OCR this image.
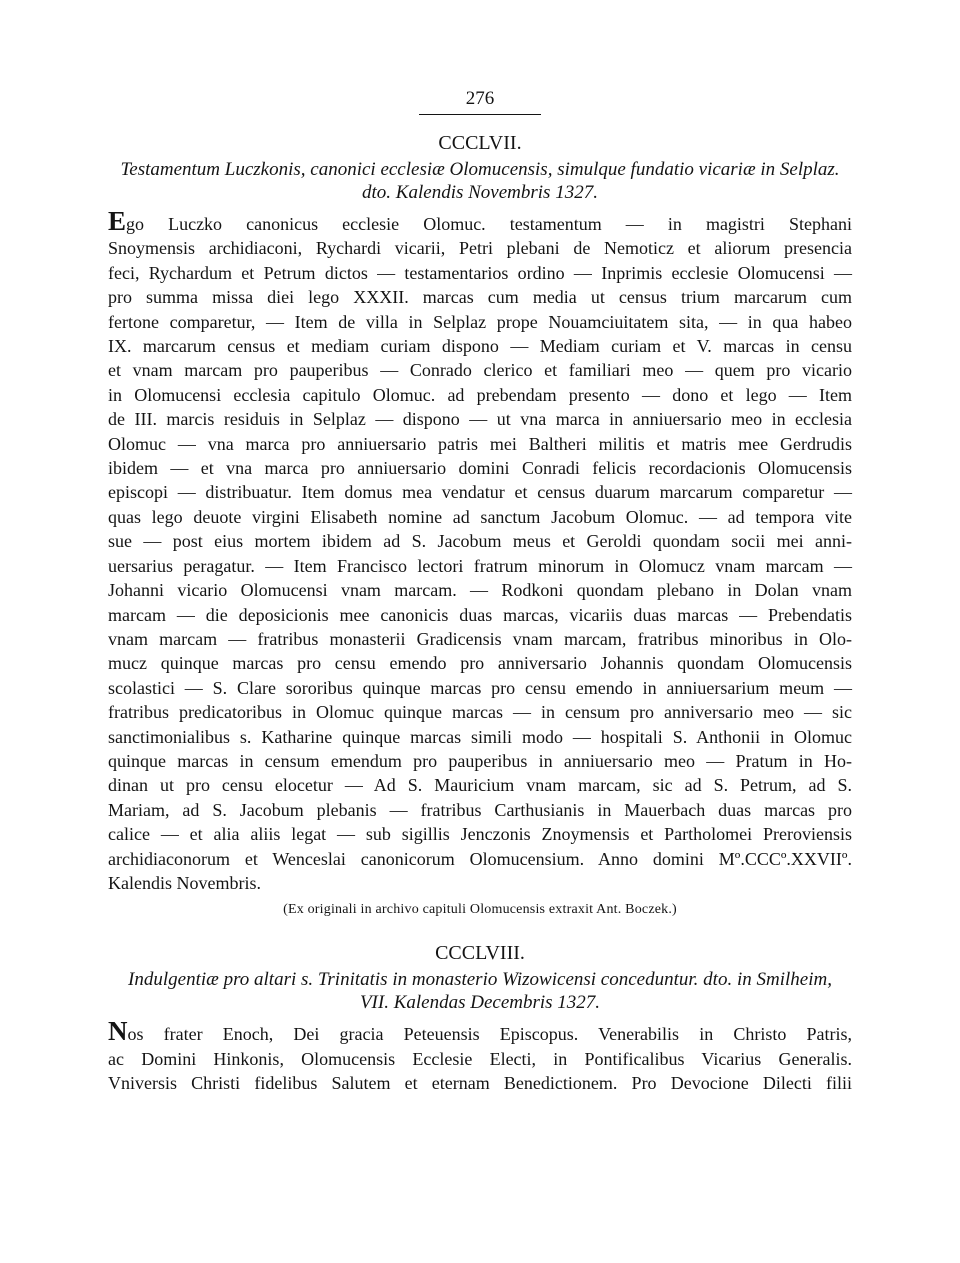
276
CCCLVII.
Testamentum Luczkonis, canonici ecclesiæ Olomucensis, simulque fundatio vicariæ in Selplaz.
dto. Kalendis Novembris 1327.
Ego Luczko canonicus ecclesie Olomuc. testamentum — in magistri Stephani
Snoymensis archidiaconi, Rychardi vicarii, Petri plebani de Nemoticz et aliorum presencia
feci, Rychardum et Petrum dictos — testamentarios ordino — Inprimis ecclesie Olomucensi —
pro summa missa diei lego XXXII. marcas cum media ut census trium marcarum cum
fertone comparetur, — Item de villa in Selplaz prope Nouamciuitatem sita, — in qua habeo
IX. marcarum census et mediam curiam dispono — Mediam curiam et V. marcas in censu
et vnam marcam pro pauperibus — Conrado clerico et familiari meo — quem pro vicario
in Olomucensi ecclesia capitulo Olomuc. ad prebendam presento — dono et lego — Item
de III. marcis residuis in Selplaz — dispono — ut vna marca in anniuersario meo in ecclesia
Olomuc — vna marca pro anniuersario patris mei Baltheri militis et matris mee Gerdrudis
ibidem — et vna marca pro anniuersario domini Conradi felicis recordacionis Olomucensis
episcopi — distribuatur. Item domus mea vendatur et census duarum marcarum comparetur —
quas lego deuote virgini Elisabeth nomine ad sanctum Jacobum Olomuc. — ad tempora vite
sue — post eius mortem ibidem ad S. Jacobum meus et Geroldi quondam socii mei anni-
uersarius peragatur. — Item Francisco lectori fratrum minorum in Olomucz vnam marcam —
Johanni vicario Olomucensi vnam marcam. — Rodkoni quondam plebano in Dolan vnam
marcam — die deposicionis mee canonicis duas marcas, vicariis duas marcas — Prebendatis
vnam marcam — fratribus monasterii Gradicensis vnam marcam, fratribus minoribus in Olo-
mucz quinque marcas pro censu emendo pro anniversario Johannis quondam Olomucensis
scolastici — S. Clare sororibus quinque marcas pro censu emendo in anniuersarium meum —
fratribus predicatoribus in Olomuc quinque marcas — in censum pro anniversario meo — sic
sanctimonialibus s. Katharine quinque marcas simili modo — hospitali S. Anthonii in Olomuc
quinque marcas in censum emendum pro pauperibus in anniuersario meo — Pratum in Ho-
dinan ut pro censu elocetur — Ad S. Mauricium vnam marcam, sic ad S. Petrum, ad S.
Mariam, ad S. Jacobum plebanis — fratribus Carthusianis in Mauerbach duas marcas pro
calice — et alia aliis legat — sub sigillis Jenczonis Znoymensis et Partholomei Preroviensis
archidiaconorum et Wenceslai canonicorum Olomucensium. Anno domini Mº.CCCº.XXVIIº.
Kalendis Novembris.
(Ex originali in archivo capituli Olomucensis extraxit Ant. Boczek.)
CCCLVIII.
Indulgentiæ pro altari s. Trinitatis in monasterio Wizowicensi conceduntur. dto. in Smilheim,
VII. Kalendas Decembris 1327.
Nos frater Enoch, Dei gracia Peteuensis Episcopus. Venerabilis in Christo Patris,
ac Domini Hinkonis, Olomucensis Ecclesie Electi, in Pontificalibus Vicarius Generalis.
Vniversis Christi fidelibus Salutem et eternam Benedictionem. Pro Devocione Dilecti filii
